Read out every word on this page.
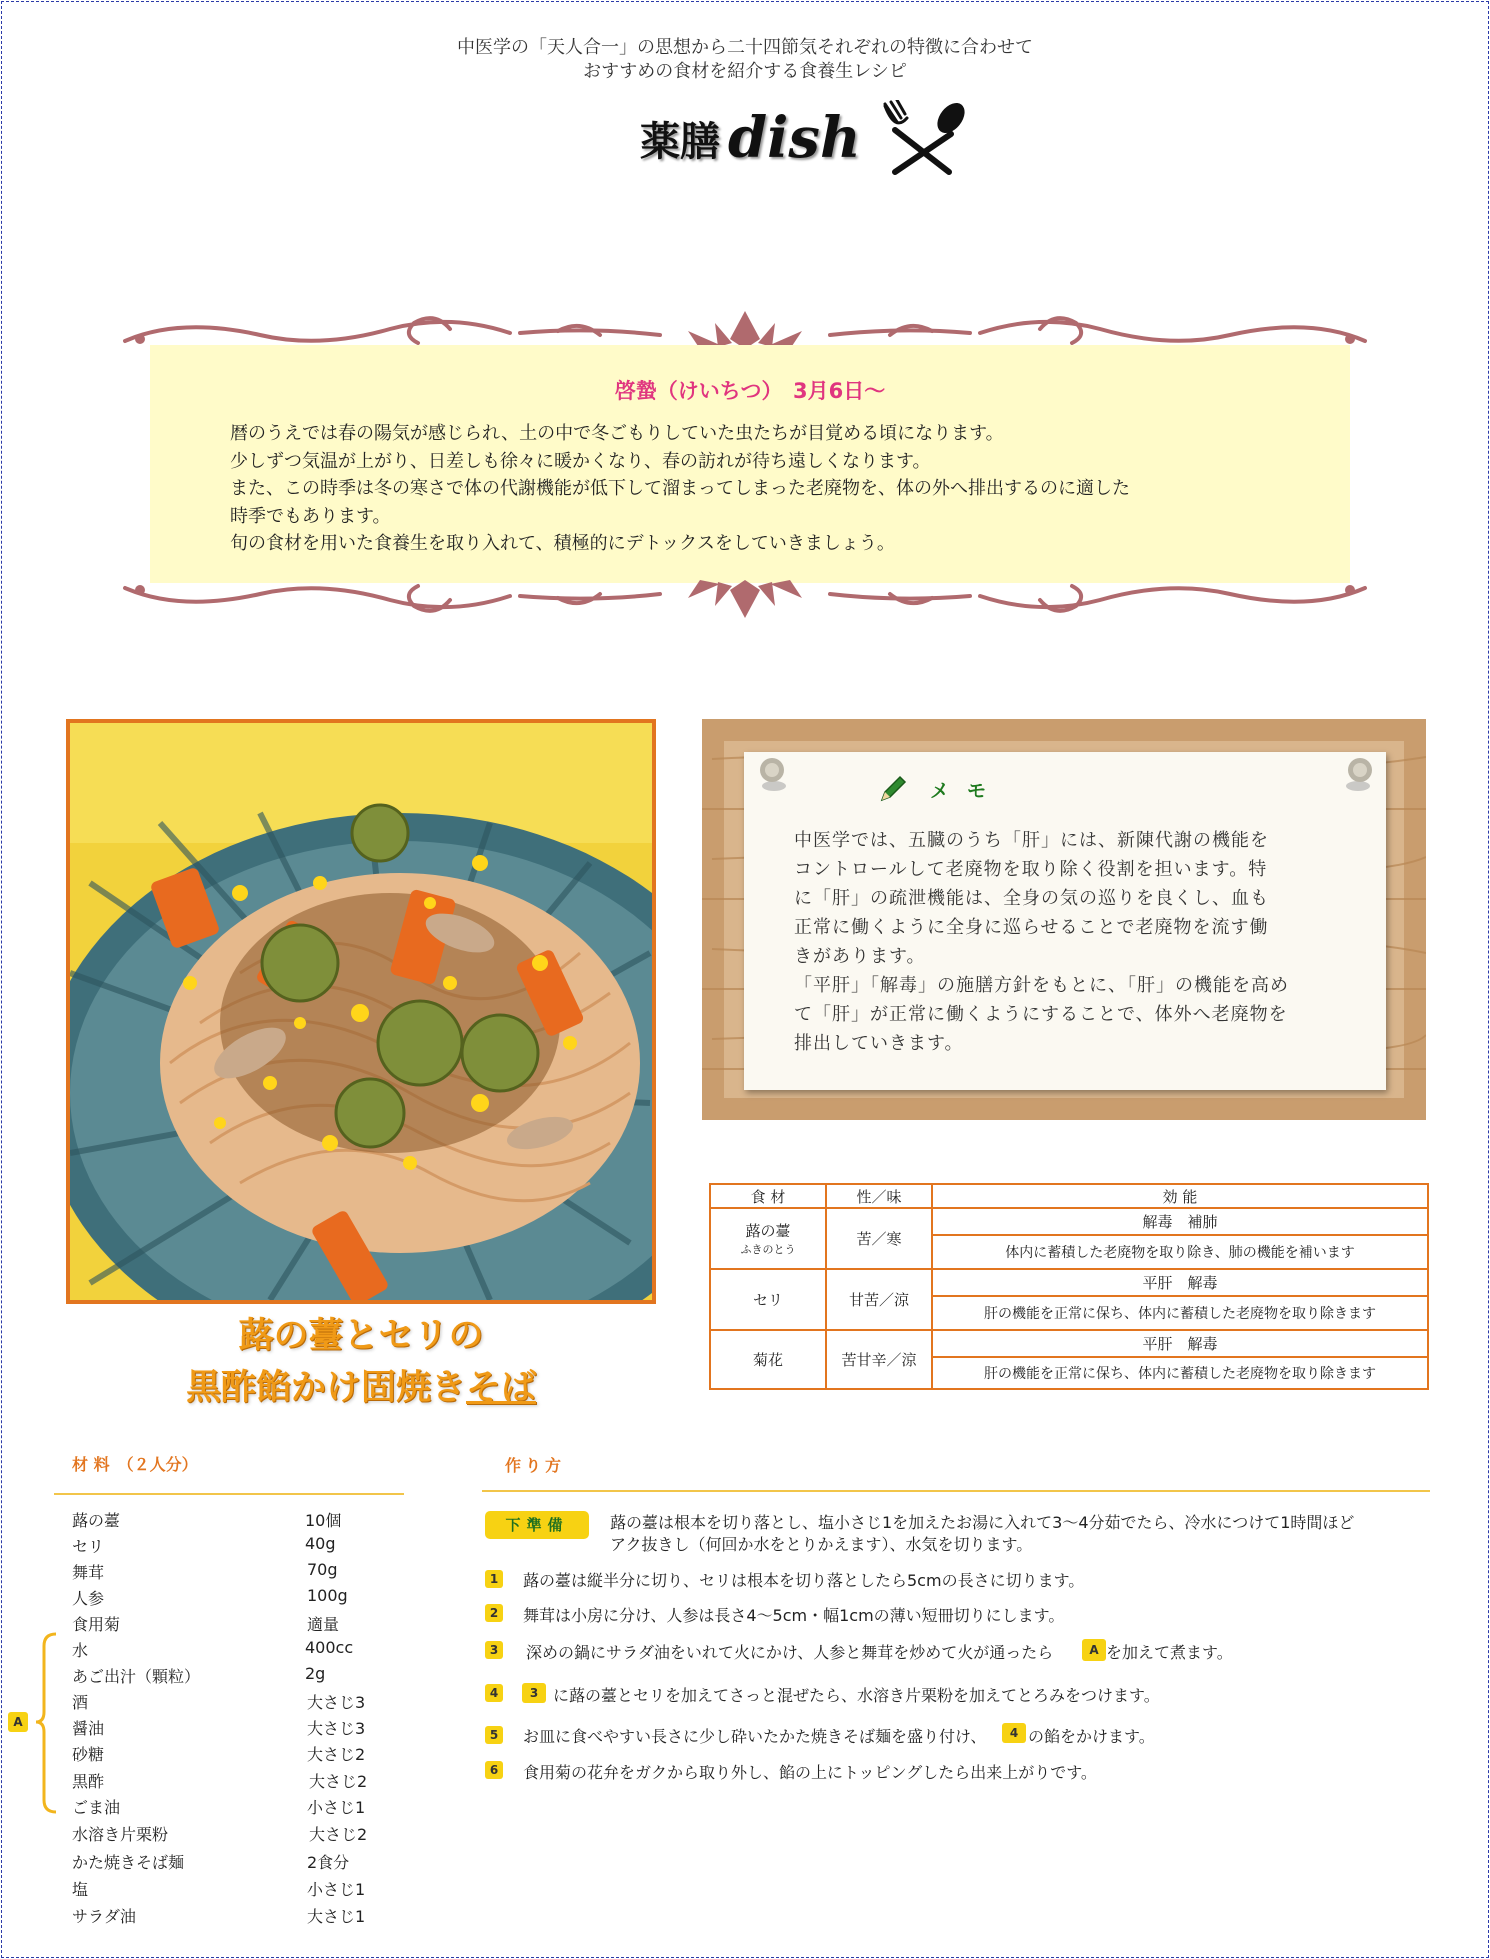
中医学の「天人合一」の思想から二十四節気それぞれの特徴に合わせて
おすすめの食材を紹介する食養生レシピ
薬膳 dish
啓蟄（けいちつ）　3月6日～
暦のうえでは春の陽気が感じられ、土の中で冬ごもりしていた虫たちが目覚める頃になります。
少しずつ気温が上がり、日差しも徐々に暖かくなり、春の訪れが待ち遠しくなります。
また、この時季は冬の寒さで体の代謝機能が低下して溜まってしまった老廃物を、体の外へ排出するのに適した
時季でもあります。
旬の食材を用いた食養生を取り入れて、積極的にデトックスをしていきましょう。
蕗の薹とセリの
黒酢餡かけ固焼きそば
メモ
中医学では、五臓のうち「肝」には、新陳代謝の機能を
コントロールして老廃物を取り除く役割を担います。特
に「肝」の疏泄機能は、全身の気の巡りを良くし、血も
正常に働くように全身に巡らせることで老廃物を流す働
きがあります。
「平肝」「解毒」の施膳方針をもとに、「肝」の機能を高め
て「肝」が正常に働くようにすることで、体外へ老廃物を
排出していきます。
食 材	性／味	効 能

蕗の薹
ふきのとう	苦／寒	解毒　補肺
		体内に蓄積した老廃物を取り除き、肺の機能を補います
セリ	甘苦／涼	平肝　解毒
		肝の機能を正常に保ち、体内に蓄積した老廃物を取り除きます
菊花	苦甘辛／涼	平肝　解毒
		肝の機能を正常に保ち、体内に蓄積した老廃物を取り除きます
材 料　（２人分）
蕗の薹	10個
セリ	40g
舞茸	70g
人参	100g
食用菊	適量
A
水	400cc
あご出汁（顆粒）	2g
酒	大さじ3
醤油	大さじ3
砂糖	大さじ2
黒酢	大さじ2
ごま油	小さじ1
水溶き片栗粉	大さじ2
かた焼きそば麺	2食分
塩	小さじ1
サラダ油	大さじ1
作り方
下準備	蕗の薹は根本を切り落とし、塩小さじ1を加えたお湯に入れて3～4分茹でたら、冷水につけて1時間ほど
アク抜きし（何回か水をとりかえます）、水気を切ります。
1	蕗の薹は縦半分に切り、セリは根本を切り落としたら5cmの長さに切ります。
2	舞茸は小房に分け、人参は長さ4～5cm・幅1cmの薄い短冊切りにします。
3	深めの鍋にサラダ油をいれて火にかけ、人参と舞茸を炒めて火が通ったら	A を加えて煮ます。
4	3 に蕗の薹とセリを加えてさっと混ぜたら、水溶き片栗粉を加えてとろみをつけます。
5	お皿に食べやすい長さに少し砕いたかた焼きそば麺を盛り付け、	4 の餡をかけます。
6	食用菊の花弁をガクから取り外し、餡の上にトッピングしたら出来上がりです。
